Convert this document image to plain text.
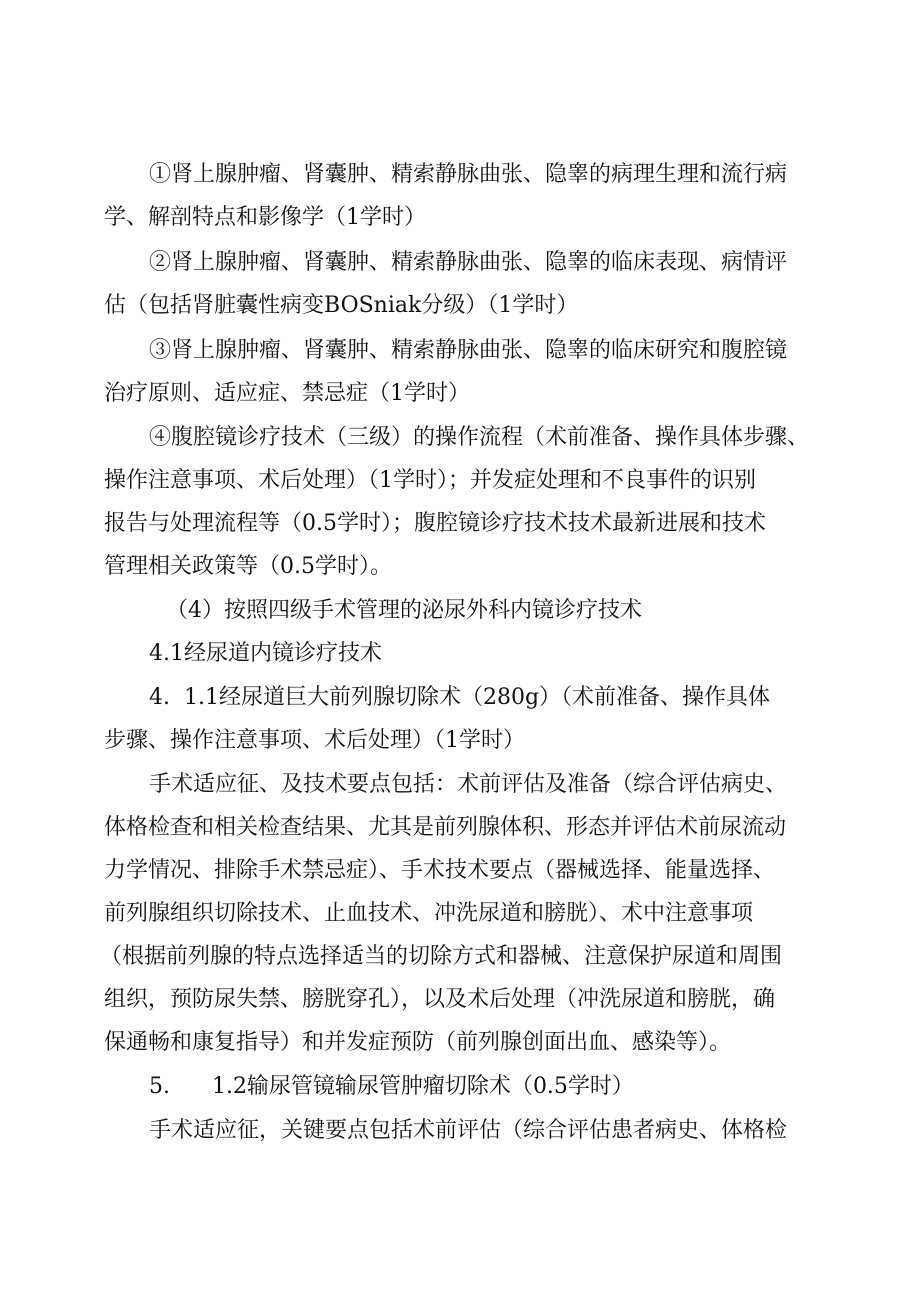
①肾上腺肿瘤、肾囊肿、精索静脉曲张、隐睾的病理生理和流行病

学、解剖特点和影像学（1学时）

②肾上腺肿瘤、肾囊肿、精索静脉曲张、隐睾的临床表现、病情评

估（包括肾脏囊性病变BOSniak分级）（1学时）

③肾上腺肿瘤、肾囊肿、精索静脉曲张、隐睾的临床研究和腹腔镜

治疗原则、适应症、禁忌症（1学时）

④腹腔镜诊疗技术（三级）的操作流程（术前准备、操作具体步骤、

操作注意事项、术后处理）（1学时）；并发症处理和不良事件的识别

报告与处理流程等（0.5学时）；腹腔镜诊疗技术技术最新进展和技术

管理相关政策等（0.5学时）。

（4）按照四级手术管理的泌尿外科内镜诊疗技术

4.1经尿道内镜诊疗技术

4.  1.1经尿道巨大前列腺切除术（280g）（术前准备、操作具体

步骤、操作注意事项、术后处理）（1学时）

手术适应征、及技术要点包括：术前评估及准备（综合评估病史、

体格检查和相关检查结果、尤其是前列腺体积、形态并评估术前尿流动

力学情况、排除手术禁忌症）、手术技术要点（器械选择、能量选择、

前列腺组织切除技术、止血技术、冲洗尿道和膀胱）、术中注意事项

（根据前列腺的特点选择适当的切除方式和器械、注意保护尿道和周围

组织，预防尿失禁、膀胱穿孔），以及术后处理（冲洗尿道和膀胱，确

保通畅和康复指导）和并发症预防（前列腺创面出血、感染等）。

5.      1.2输尿管镜输尿管肿瘤切除术（0.5学时）

手术适应征，关键要点包括术前评估（综合评估患者病史、体格检
